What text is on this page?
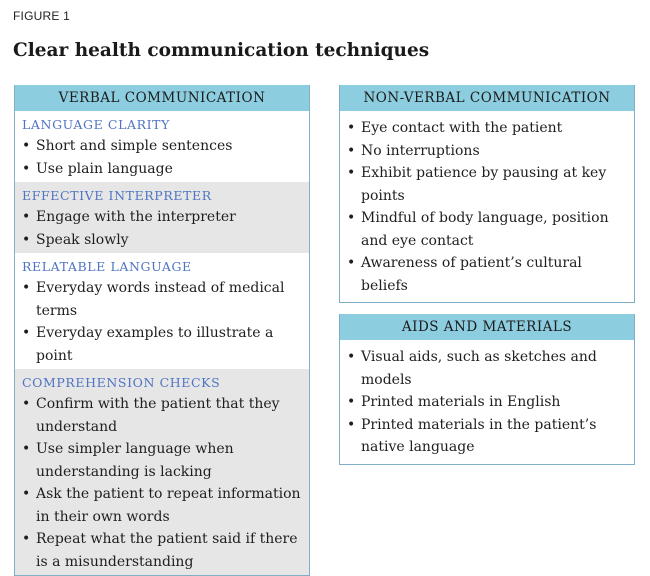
FIGURE 1
Clear health communication techniques
VERBAL COMMUNICATION
LANGUAGE CLARITY
• Short and simple sentences
• Use plain language
EFFECTIVE INTERPRETER
• Engage with the interpreter
• Speak slowly
RELATABLE LANGUAGE
• Everyday words instead of medical terms
• Everyday examples to illustrate a point
COMPREHENSION CHECKS
• Confirm with the patient that they understand
• Use simpler language when understanding is lacking
• Ask the patient to repeat information in their own words
• Repeat what the patient said if there is a misunderstanding
NON-VERBAL COMMUNICATION
• Eye contact with the patient
• No interruptions
• Exhibit patience by pausing at key points
• Mindful of body language, position and eye contact
• Awareness of patient’s cultural beliefs
AIDS AND MATERIALS
• Visual aids, such as sketches and models
• Printed materials in English
• Printed materials in the patient’s native language
